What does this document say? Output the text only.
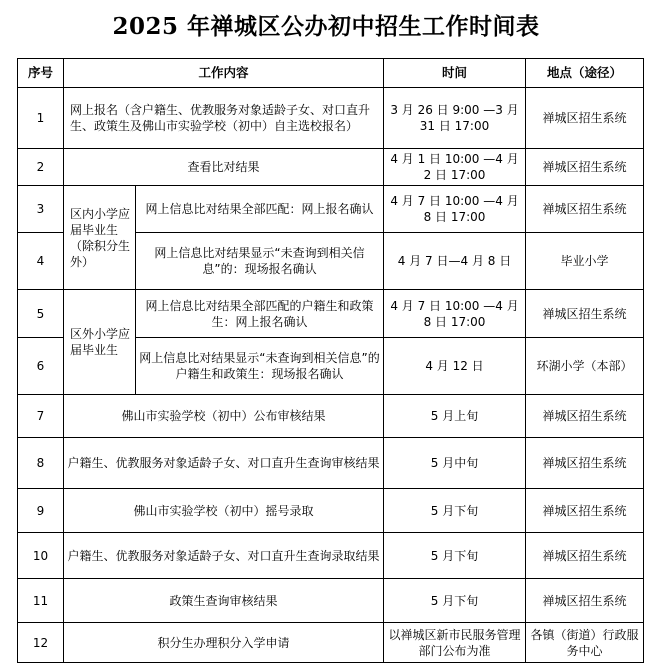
2025 年禅城区公办初中招生工作时间表
序号	工作内容		时间	地点（途径）
1	网上报名（含户籍生、优教服务对象适龄子女、对口直升生、政策生及佛山市实验学校（初中）自主选校报名）		3 月 26 日 9:00 —3 月 31 日 17:00	禅城区招生系统
2	查看比对结果		4 月 1 日 10:00 —4 月 2 日 17:00	禅城区招生系统
3	区内小学应届毕业生（除积分生外）	网上信息比对结果全部匹配：网上报名确认	4 月 7 日 10:00 —4 月 8 日 17:00	禅城区招生系统
4		网上信息比对结果显示“未查询到相关信息”的：现场报名确认	4 月 7 日—4 月 8 日	毕业小学
5	区外小学应届毕业生	网上信息比对结果全部匹配的户籍生和政策生：网上报名确认	4 月 7 日 10:00 —4 月 8 日 17:00	禅城区招生系统
6		网上信息比对结果显示“未查询到相关信息”的户籍生和政策生：现场报名确认	4 月 12 日	环湖小学（本部）
7	佛山市实验学校（初中）公布审核结果		5 月上旬	禅城区招生系统
8	户籍生、优教服务对象适龄子女、对口直升生查询审核结果		5 月中旬	禅城区招生系统
9	佛山市实验学校（初中）摇号录取		5 月下旬	禅城区招生系统
10	户籍生、优教服务对象适龄子女、对口直升生查询录取结果		5 月下旬	禅城区招生系统
11	政策生查询审核结果		5 月下旬	禅城区招生系统
12	积分生办理积分入学申请		以禅城区新市民服务管理部门公布为准	各镇（街道）行政服务中心
